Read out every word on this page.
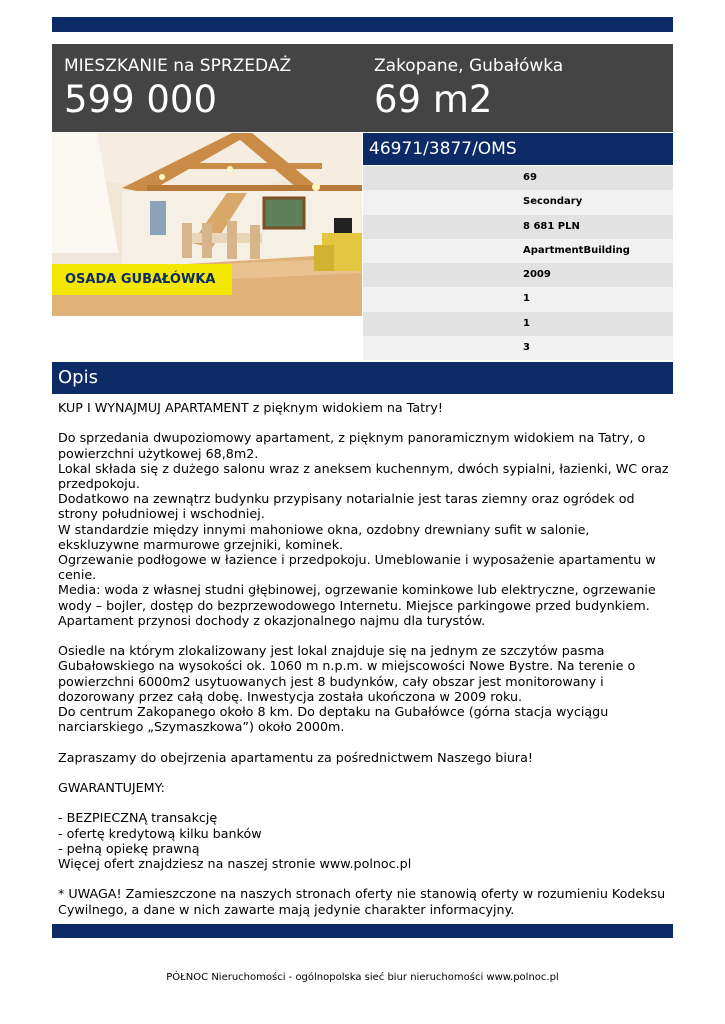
MIESZKANIE na SPRZEDAŻ
599 000
Zakopane, Gubałówka
69 m2
OSADA GUBAŁÓWKA
46971/3877/OMS
69
Secondary
8 681 PLN
ApartmentBuilding
2009
1
1
3
Opis

KUP I WYNAJMUJ APARTAMENT z pięknym widokiem na Tatry!

Do sprzedania dwupoziomowy apartament, z pięknym panoramicznym widokiem na Tatry, o powierzchni użytkowej 68,8m2.

Lokal składa się z dużego salonu wraz z aneksem kuchennym, dwóch sypialni, łazienki, WC oraz przedpokoju.

Dodatkowo na zewnątrz budynku przypisany notarialnie jest taras ziemny oraz ogródek od strony południowej i wschodniej.

W standardzie między innymi mahoniowe okna, ozdobny drewniany sufit w salonie, ekskluzywne marmurowe grzejniki, kominek.

Ogrzewanie podłogowe w łazience i przedpokoju. Umeblowanie i wyposażenie apartamentu w cenie.

Media: woda z własnej studni głębinowej, ogrzewanie kominkowe lub elektryczne, ogrzewanie wody – bojler, dostęp do bezprzewodowego Internetu. Miejsce parkingowe przed budynkiem.

Apartament przynosi dochody z okazjonalnego najmu dla turystów.

Osiedle na którym zlokalizowany jest lokal znajduje się na jednym ze szczytów pasma Gubałowskiego na wysokości ok. 1060 m n.p.m. w miejscowości Nowe Bystre. Na terenie o powierzchni 6000m2 usytuowanych jest 8 budynków, cały obszar jest monitorowany i dozorowany przez całą dobę. Inwestycja została ukończona w 2009 roku.

Do centrum Zakopanego około 8 km. Do deptaku na Gubałówce (górna stacja wyciągu narciarskiego „Szymaszkowa”) około 2000m.

Zapraszamy do obejrzenia apartamentu za pośrednictwem Naszego biura!

GWARANTUJEMY:

- BEZPIECZNĄ transakcję

- ofertę kredytową kilku banków

- pełną opiekę prawną

Więcej ofert znajdziesz na naszej stronie www.polnoc.pl

* UWAGA! Zamieszczone na naszych stronach oferty nie stanowią oferty w rozumieniu Kodeksu Cywilnego, a dane w nich zawarte mają jedynie charakter informacyjny.

PÓŁNOC Nieruchomości - ogólnopolska sieć biur nieruchomości www.polnoc.pl
